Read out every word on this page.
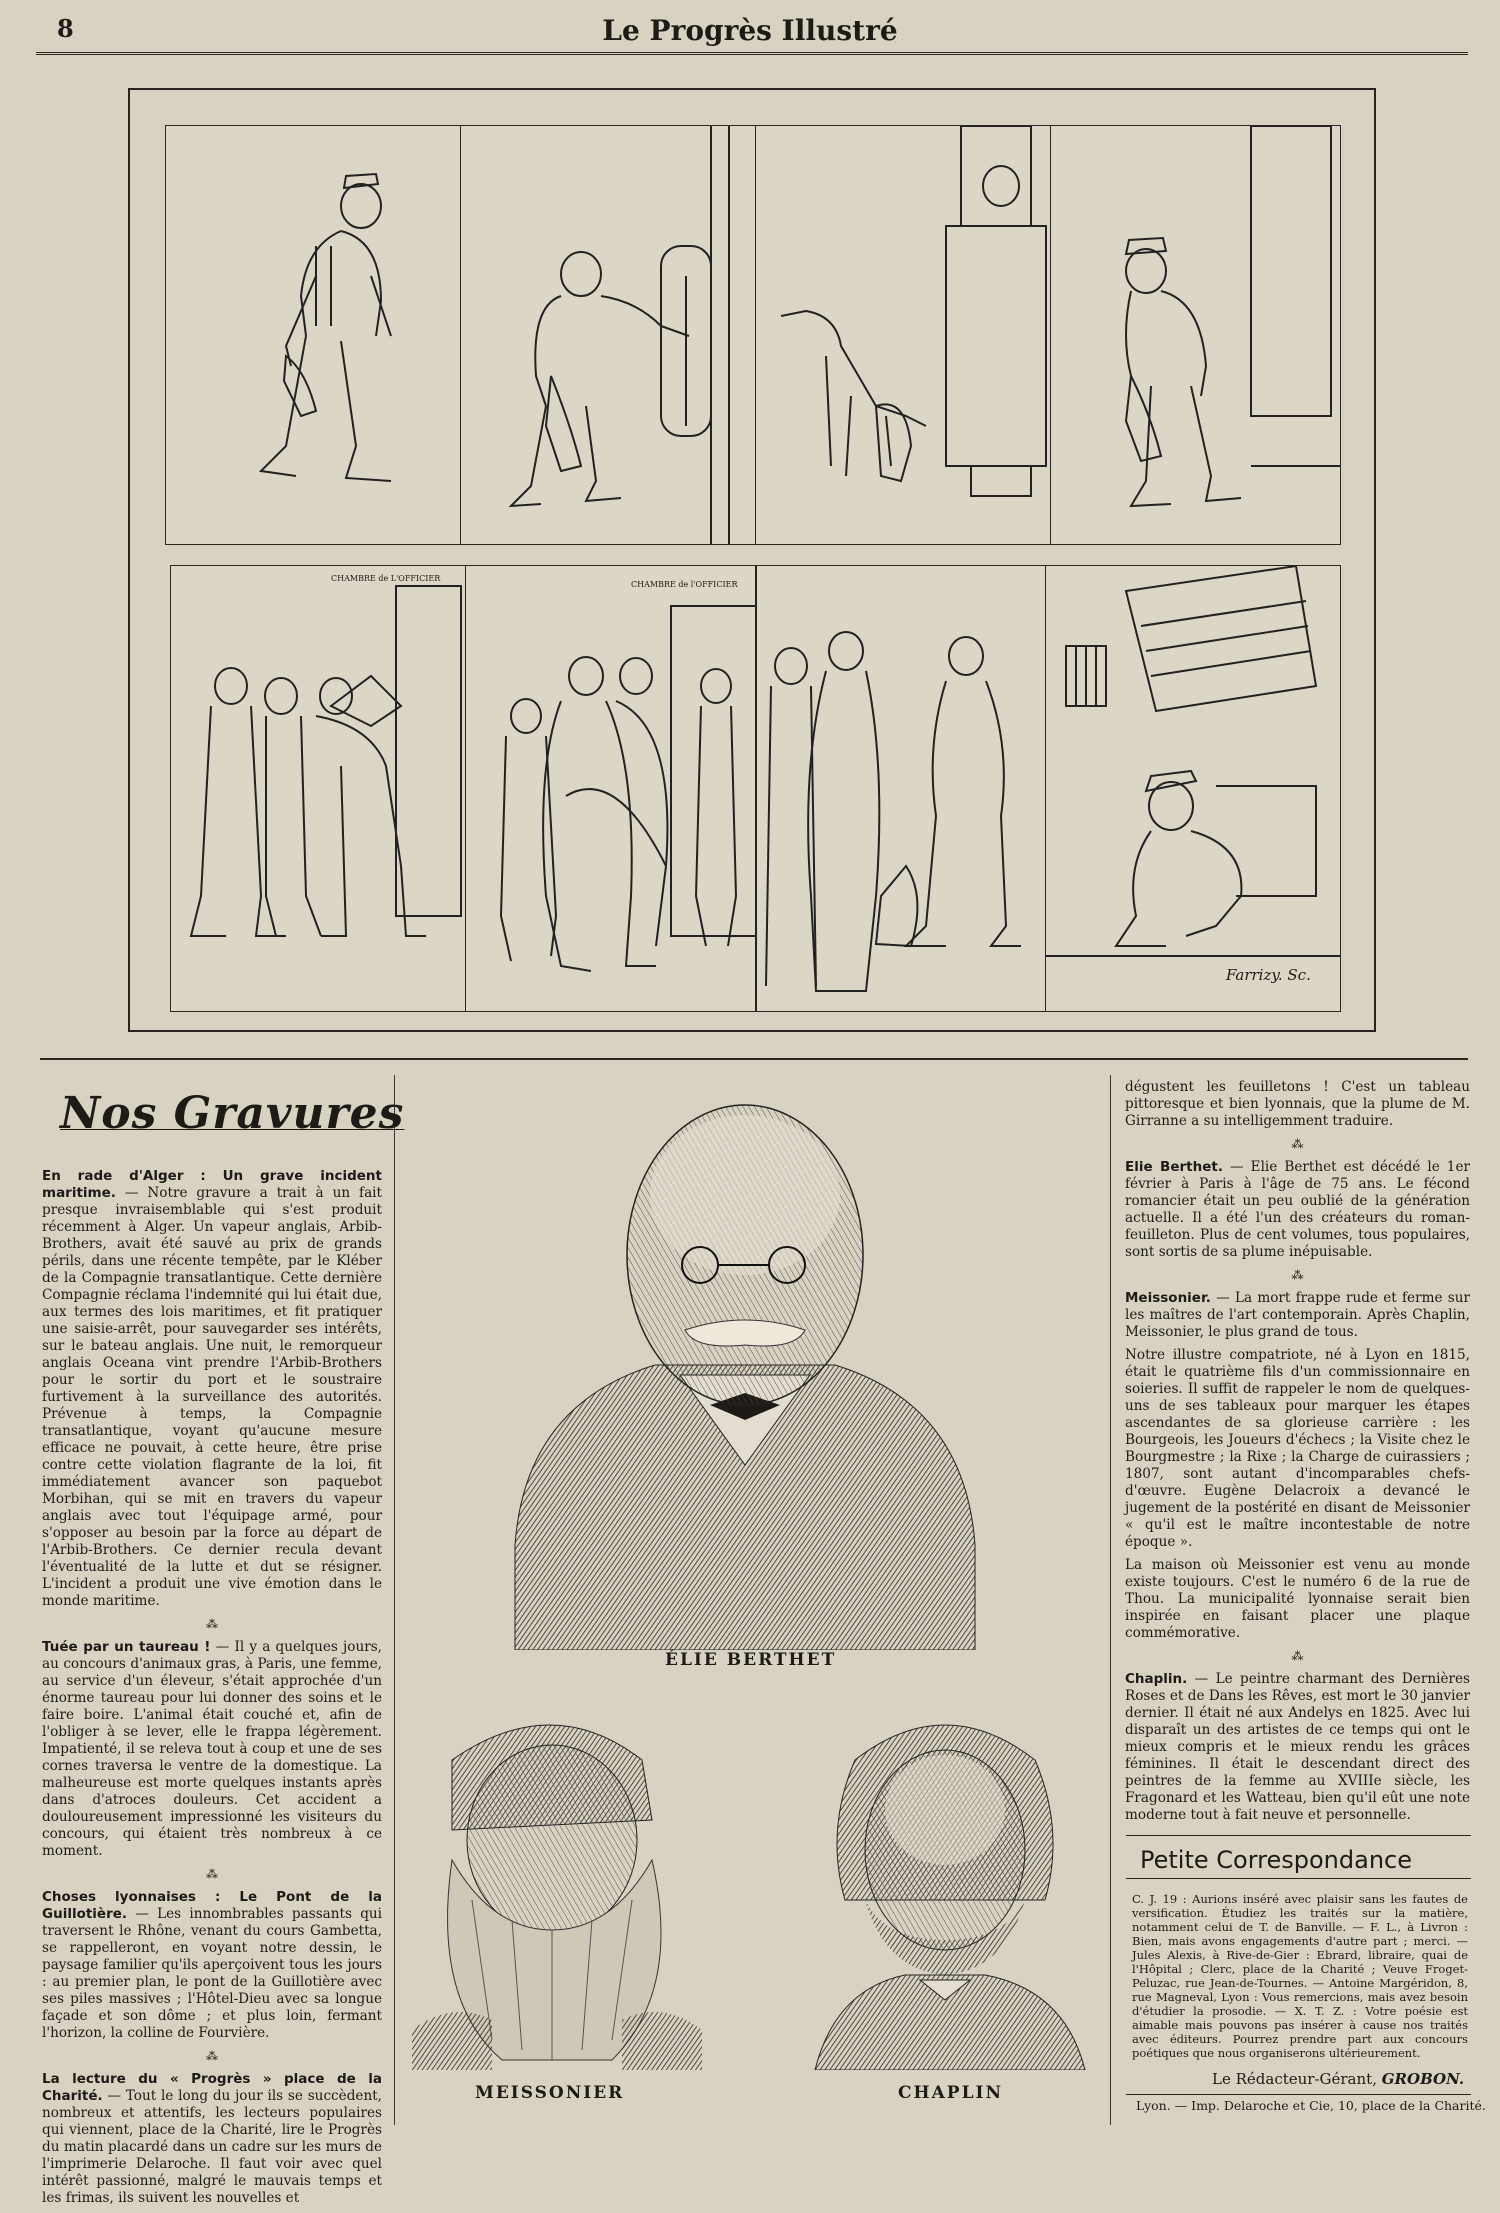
8	Le Progrès Illustré
CHAMBRE de L'OFFICIER
CHAMBRE de l'OFFICIER
Farrizy. Sc.
Nos Gravures

En rade d'Alger : Un grave incident maritime. — Notre gravure a trait à un fait presque invraisemblable qui s'est produit récemment à Alger. Un vapeur anglais, Arbib-Brothers, avait été sauvé au prix de grands périls, dans une récente tempête, par le Kléber de la Compagnie transatlantique. Cette dernière Compagnie réclama l'indemnité qui lui était due, aux termes des lois maritimes, et fit pratiquer une saisie-arrêt, pour sauvegarder ses intérêts, sur le bateau anglais. Une nuit, le remorqueur anglais Oceana vint prendre l'Arbib-Brothers pour le sortir du port et le soustraire furtivement à la surveillance des autorités. Prévenue à temps, la Compagnie transatlantique, voyant qu'aucune mesure efficace ne pouvait, à cette heure, être prise contre cette violation flagrante de la loi, fit immédiatement avancer son paquebot Morbihan, qui se mit en travers du vapeur anglais avec tout l'équipage armé, pour s'opposer au besoin par la force au départ de l'Arbib-Brothers. Ce dernier recula devant l'éventualité de la lutte et dut se résigner. L'incident a produit une vive émotion dans le monde maritime.

⁂

Tuée par un taureau ! — Il y a quelques jours, au concours d'animaux gras, à Paris, une femme, au service d'un éleveur, s'était approchée d'un énorme taureau pour lui donner des soins et le faire boire. L'animal était couché et, afin de l'obliger à se lever, elle le frappa légèrement. Impatienté, il se releva tout à coup et une de ses cornes traversa le ventre de la domestique. La malheureuse est morte quelques instants après dans d'atroces douleurs. Cet accident a douloureusement impressionné les visiteurs du concours, qui étaient très nombreux à ce moment.

⁂

Choses lyonnaises : Le Pont de la Guillotière. — Les innombrables passants qui traversent le Rhône, venant du cours Gambetta, se rappelleront, en voyant notre dessin, le paysage familier qu'ils aperçoivent tous les jours : au premier plan, le pont de la Guillotière avec ses piles massives ; l'Hôtel-Dieu avec sa longue façade et son dôme ; et plus loin, fermant l'horizon, la colline de Fourvière.

⁂

La lecture du « Progrès » place de la Charité. — Tout le long du jour ils se succèdent, nombreux et attentifs, les lecteurs populaires qui viennent, place de la Charité, lire le Progrès du matin placardé dans un cadre sur les murs de l'imprimerie Delaroche. Il faut voir avec quel intérêt passionné, malgré le mauvais temps et les frimas, ils suivent les nouvelles et

ÉLIE BERTHET
MEISSONIER	CHAPLIN

dégustent les feuilletons ! C'est un tableau pittoresque et bien lyonnais, que la plume de M. Girranne a su intelligemment traduire.

⁂

Elie Berthet. — Elie Berthet est décédé le 1er février à Paris à l'âge de 75 ans. Le fécond romancier était un peu oublié de la génération actuelle. Il a été l'un des créateurs du roman-feuilleton. Plus de cent volumes, tous populaires, sont sortis de sa plume inépuisable.

⁂

Meissonier. — La mort frappe rude et ferme sur les maîtres de l'art contemporain. Après Chaplin, Meissonier, le plus grand de tous.

Notre illustre compatriote, né à Lyon en 1815, était le quatrième fils d'un commissionnaire en soieries. Il suffit de rappeler le nom de quelques-uns de ses tableaux pour marquer les étapes ascendantes de sa glorieuse carrière : les Bourgeois, les Joueurs d'échecs ; la Visite chez le Bourgmestre ; la Rixe ; la Charge de cuirassiers ; 1807, sont autant d'incomparables chefs-d'œuvre. Eugène Delacroix a devancé le jugement de la postérité en disant de Meissonier « qu'il est le maître incontestable de notre époque ».

La maison où Meissonier est venu au monde existe toujours. C'est le numéro 6 de la rue de Thou. La municipalité lyonnaise serait bien inspirée en faisant placer une plaque commémorative.

⁂

Chaplin. — Le peintre charmant des Dernières Roses et de Dans les Rêves, est mort le 30 janvier dernier. Il était né aux Andelys en 1825. Avec lui disparaît un des artistes de ce temps qui ont le mieux compris et le mieux rendu les grâces féminines. Il était le descendant direct des peintres de la femme au XVIIIe siècle, les Fragonard et les Watteau, bien qu'il eût une note moderne tout à fait neuve et personnelle.

Petite Correspondance
C. J. 19 : Aurions inséré avec plaisir sans les fautes de versification. Étudiez les traités sur la matière, notamment celui de T. de Banville. — F. L., à Livron : Bien, mais avons engagements d'autre part ; merci. — Jules Alexis, à Rive-de-Gier : Ebrard, libraire, quai de l'Hôpital ; Clerc, place de la Charité ; Veuve Froget-Peluzac, rue Jean-de-Tournes. — Antoine Margéridon, 8, rue Magneval, Lyon : Vous remercions, mais avez besoin d'étudier la prosodie. — X. T. Z. : Votre poésie est aimable mais pouvons pas insérer à cause nos traités avec éditeurs. Pourrez prendre part aux concours poétiques que nous organiserons ultérieurement.
Le Rédacteur-Gérant, GROBON.
Lyon. — Imp. Delaroche et Cie, 10, place de la Charité.
